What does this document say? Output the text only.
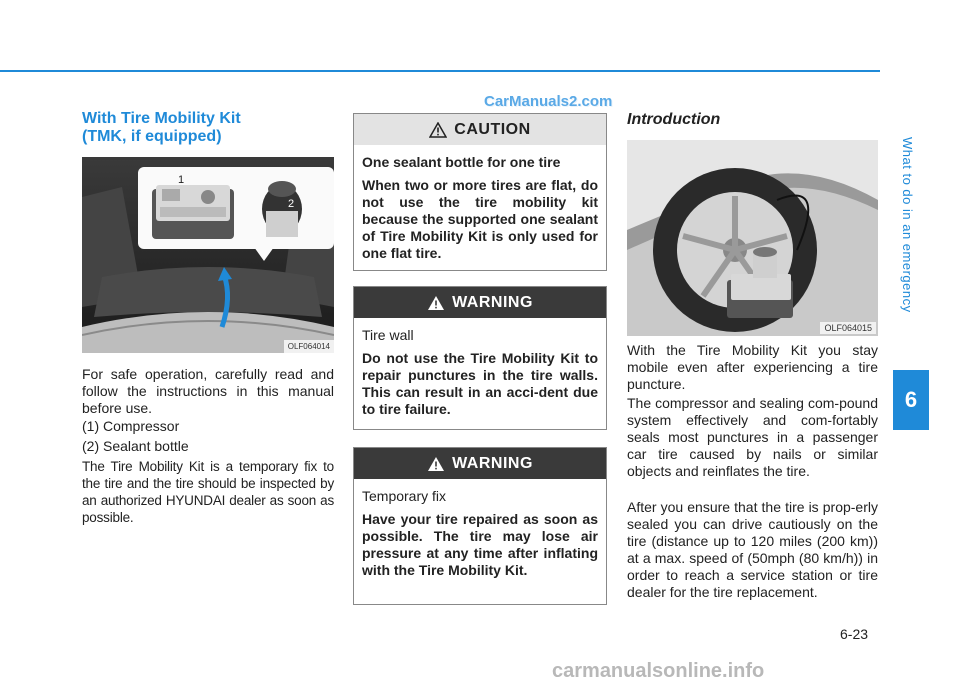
CarManuals2.com
What to do in an emergency
6
With Tire Mobility Kit
(TMK, if equipped)
1
2
OLF064014

For safe operation, carefully read and follow the instructions in this manual before use.

(1) Compressor

(2) Sealant bottle

The Tire Mobility Kit is a temporary fix to the tire and the tire should be inspected by an authorized HYUNDAI dealer as soon as possible.

CAUTION

One sealant bottle for one tire

When two or more tires are flat, do not use the tire mobility kit because the supported one sealant of Tire Mobility Kit is only used for one flat tire.

WARNING

Tire wall

Do not use the Tire Mobility Kit to repair punctures in the tire walls. This can result in an acci-dent due to tire failure.

WARNING

Temporary fix

Have your tire repaired as soon as possible. The tire may lose air pressure at any time after inflating with the Tire Mobility Kit.

Introduction
OLF064015

With the Tire Mobility Kit you stay mobile even after experiencing a tire puncture.

The compressor and sealing com-pound system effectively and com-fortably seals most punctures in a passenger car tire caused by nails or similar objects and reinflates the tire.

After you ensure that the tire is prop-erly sealed you can drive cautiously on the tire (distance up to 120 miles (200 km)) at a max. speed of (50mph (80 km/h)) in order to reach a service station or tire dealer for the tire replacement.

6-23
carmanualsonline.info
